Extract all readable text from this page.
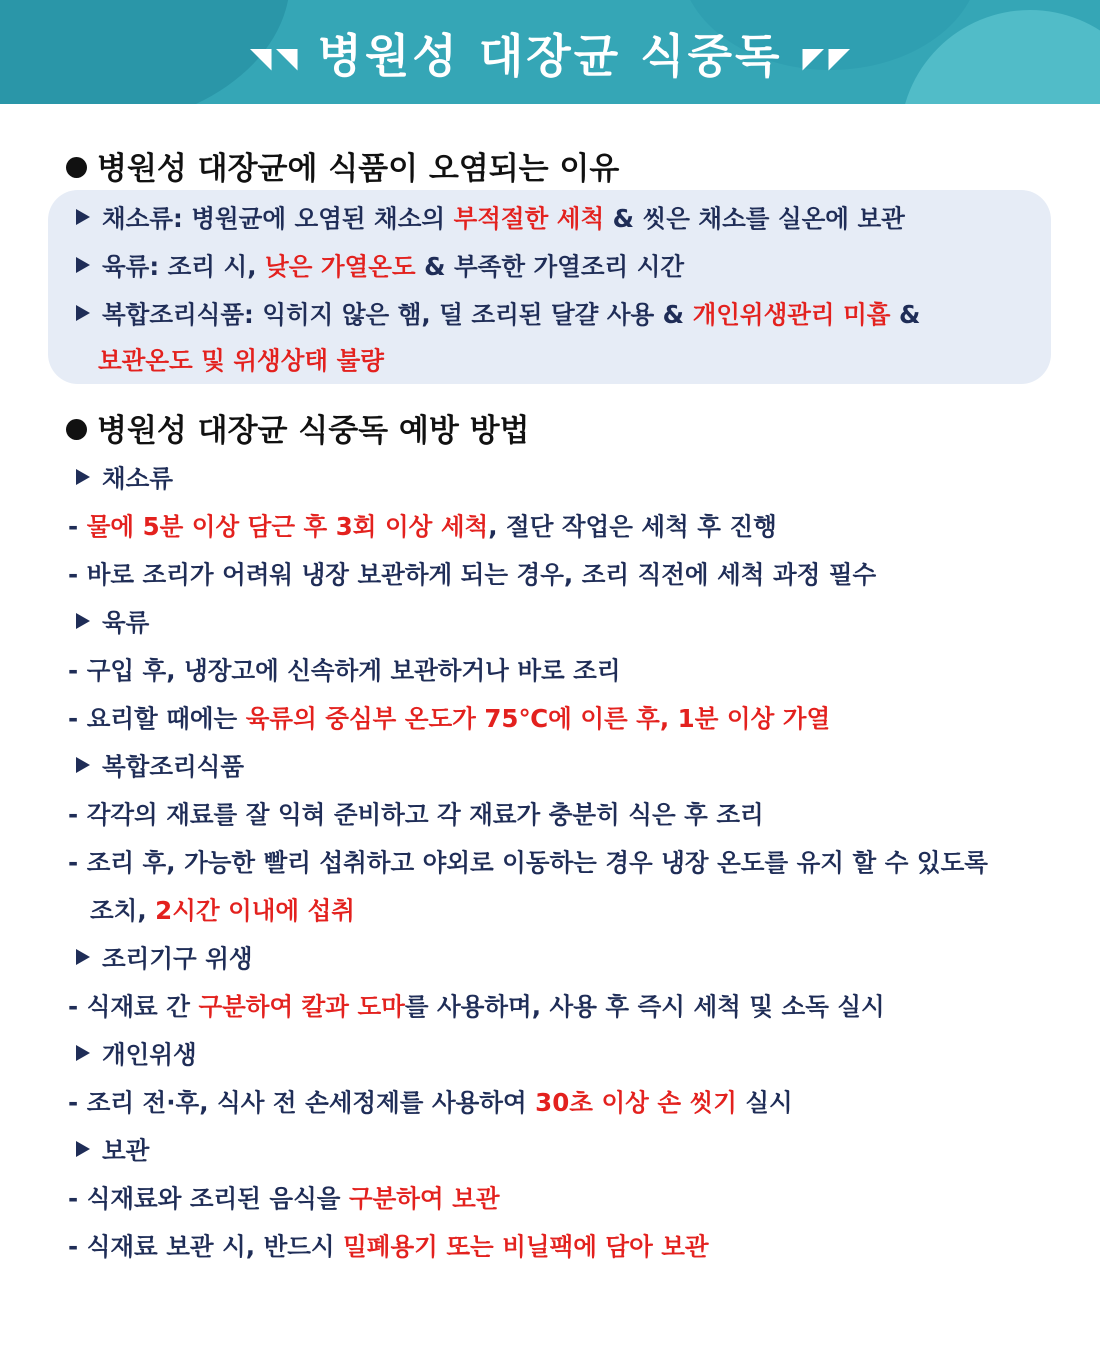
병원성 대장균 식중독
병원성 대장균에 식품이 오염되는 이유
채소류: 병원균에 오염된 채소의 부적절한 세척 & 씻은 채소를 실온에 보관
육류: 조리 시, 낮은 가열온도 & 부족한 가열조리 시간
복합조리식품: 익히지 않은 햄, 덜 조리된 달걀 사용 & 개인위생관리 미흡 &
보관온도 및 위생상태 불량
병원성 대장균 식중독 예방 방법
채소류
- 물에 5분 이상 담근 후 3회 이상 세척, 절단 작업은 세척 후 진행
- 바로 조리가 어려워 냉장 보관하게 되는 경우, 조리 직전에 세척 과정 필수
육류
- 구입 후, 냉장고에 신속하게 보관하거나 바로 조리
- 요리할 때에는 육류의 중심부 온도가 75℃에 이른 후, 1분 이상 가열
복합조리식품
- 각각의 재료를 잘 익혀 준비하고 각 재료가 충분히 식은 후 조리
- 조리 후, 가능한 빨리 섭취하고 야외로 이동하는 경우 냉장 온도를 유지 할 수 있도록
조치, 2시간 이내에 섭취
조리기구 위생
- 식재료 간 구분하여 칼과 도마를 사용하며, 사용 후 즉시 세척 및 소독 실시
개인위생
- 조리 전·후, 식사 전 손세정제를 사용하여 30초 이상 손 씻기 실시
보관
- 식재료와 조리된 음식을 구분하여 보관
- 식재료 보관 시, 반드시 밀폐용기 또는 비닐팩에 담아 보관
